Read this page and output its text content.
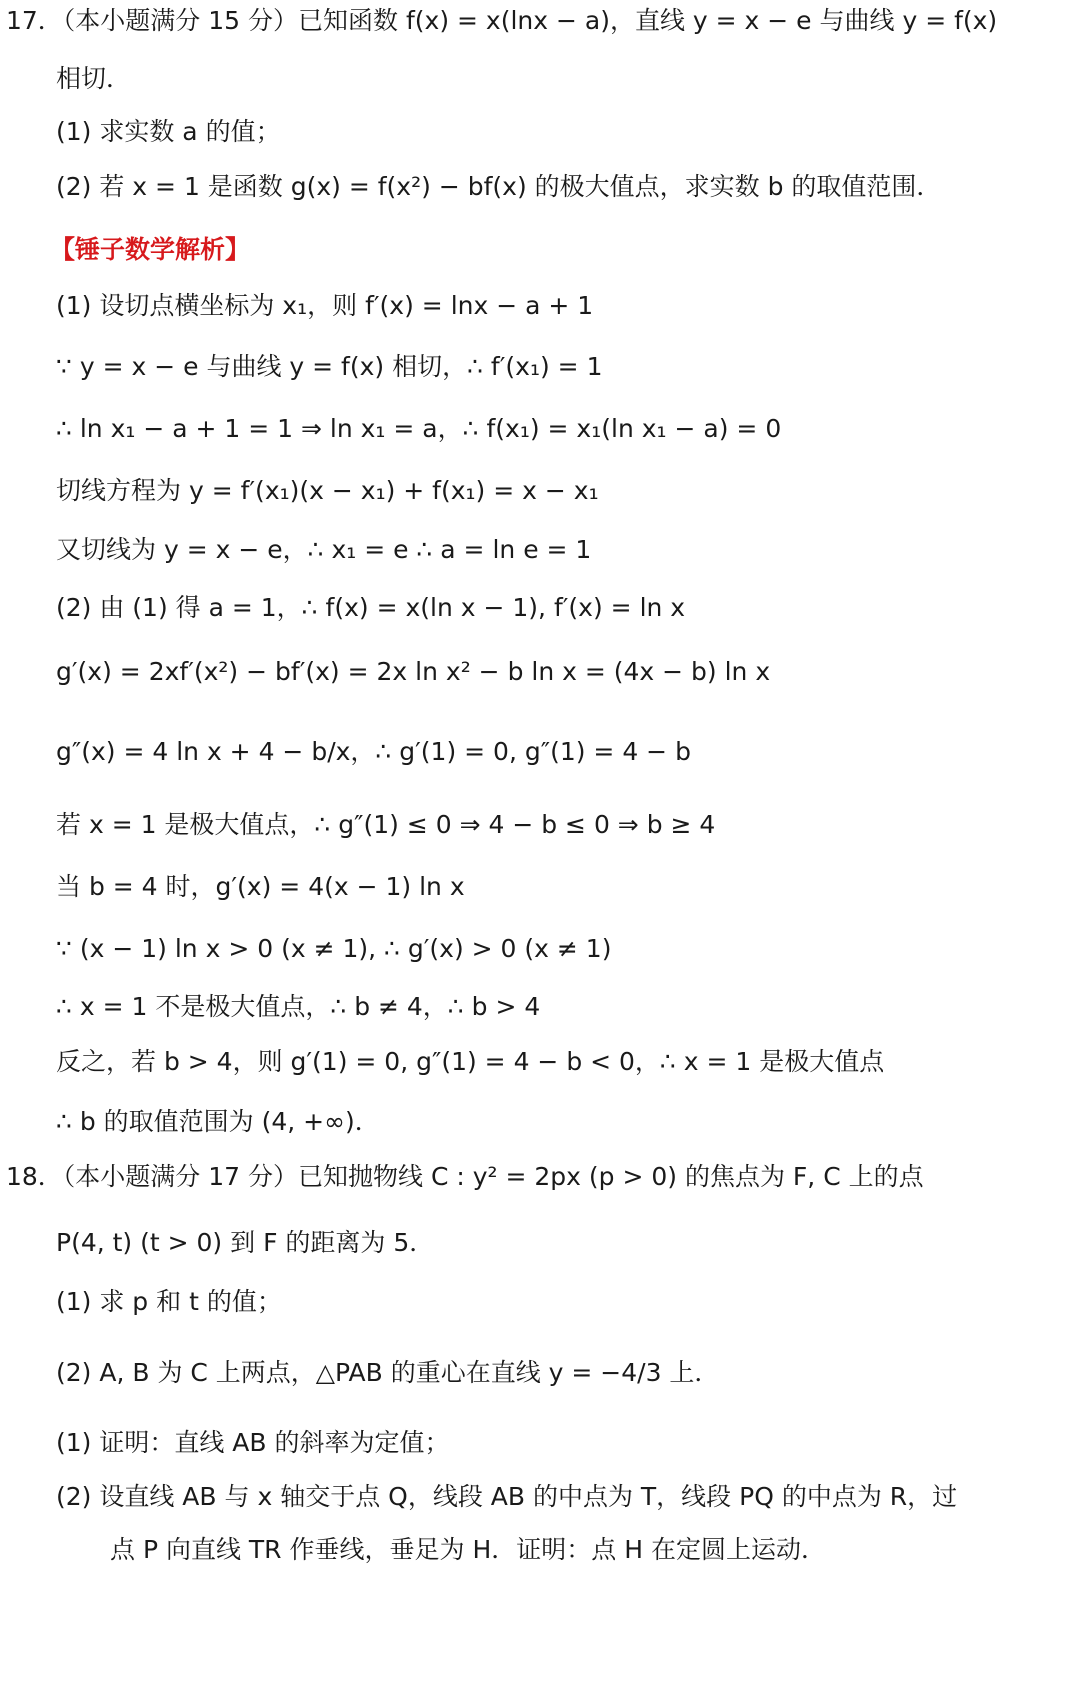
17．（本小题满分 15 分）已知函数 f(x) = x(lnx − a)，直线 y = x − e 与曲线 y = f(x)
相切．
(1) 求实数 a 的值；
(2) 若 x = 1 是函数 g(x) = f(x²) − bf(x) 的极大值点，求实数 b 的取值范围．
【锤子数学解析】
(1) 设切点横坐标为 x₁，则 f′(x) = lnx − a + 1
∵ y = x − e 与曲线 y = f(x) 相切，∴ f′(x₁) = 1
∴ ln x₁ − a + 1 = 1 ⇒ ln x₁ = a，∴ f(x₁) = x₁(ln x₁ − a) = 0
切线方程为 y = f′(x₁)(x − x₁) + f(x₁) = x − x₁
又切线为 y = x − e，∴ x₁ = e ∴ a = ln e = 1
(2) 由 (1) 得 a = 1，∴ f(x) = x(ln x − 1), f′(x) = ln x
g′(x) = 2xf′(x²) − bf′(x) = 2x ln x² − b ln x = (4x − b) ln x
g″(x) = 4 ln x + 4 − b/x，∴ g′(1) = 0, g″(1) = 4 − b
若 x = 1 是极大值点，∴ g″(1) ≤ 0 ⇒ 4 − b ≤ 0 ⇒ b ≥ 4
当 b = 4 时，g′(x) = 4(x − 1) ln x
∵ (x − 1) ln x > 0 (x ≠ 1), ∴ g′(x) > 0 (x ≠ 1)
∴ x = 1 不是极大值点，∴ b ≠ 4，∴ b > 4
反之，若 b > 4，则 g′(1) = 0, g″(1) = 4 − b < 0，∴ x = 1 是极大值点
∴ b 的取值范围为 (4, +∞)．
18．（本小题满分 17 分）已知抛物线 C : y² = 2px (p > 0) 的焦点为 F, C 上的点
P(4, t) (t > 0) 到 F 的距离为 5．
(1) 求 p 和 t 的值；
(2) A, B 为 C 上两点，△PAB 的重心在直线 y = −4/3 上．
(1) 证明：直线 AB 的斜率为定值；
(2) 设直线 AB 与 x 轴交于点 Q，线段 AB 的中点为 T，线段 PQ 的中点为 R，过
点 P 向直线 TR 作垂线，垂足为 H．证明：点 H 在定圆上运动．
